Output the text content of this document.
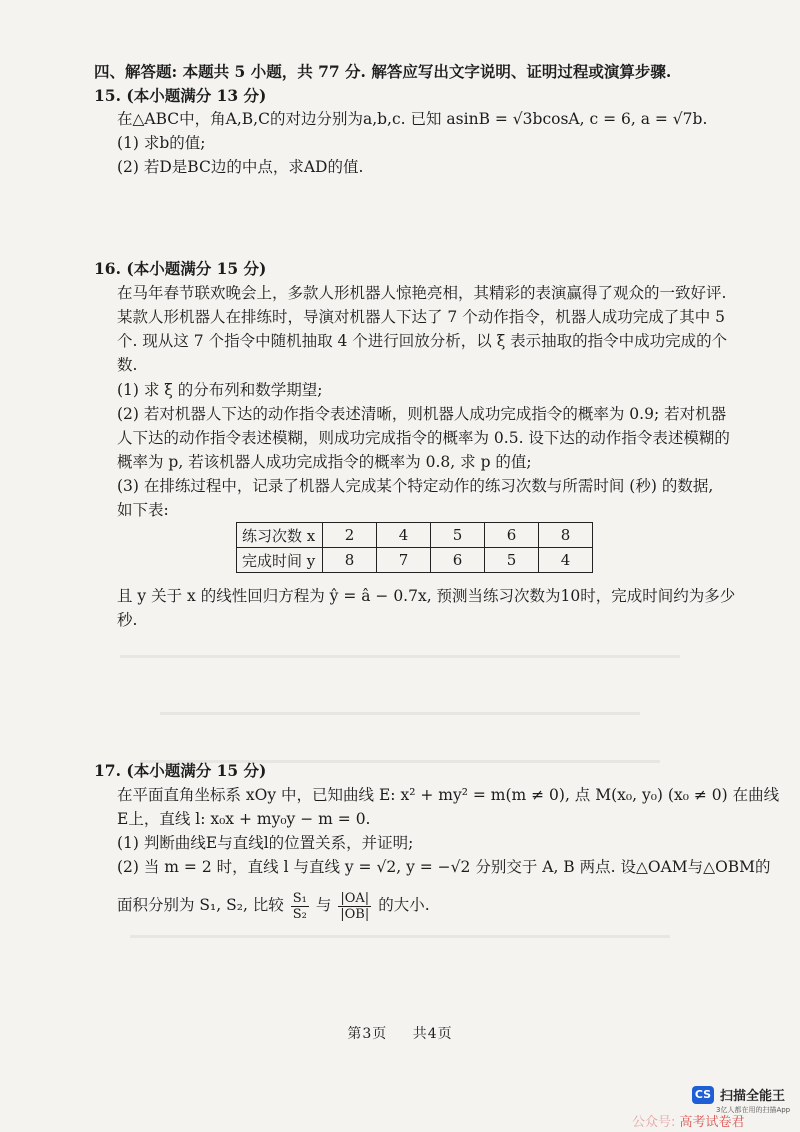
四、解答题: 本题共 5 小题，共 77 分. 解答应写出文字说明、证明过程或演算步骤.
15. (本小题满分 13 分)
在△ABC中，角A,B,C的对边分别为a,b,c. 已知 asinB = √3bcosA, c = 6, a = √7b.
(1) 求b的值;
(2) 若D是BC边的中点，求AD的值.
16. (本小题满分 15 分)
在马年春节联欢晚会上，多款人形机器人惊艳亮相，其精彩的表演赢得了观众的一致好评.
某款人形机器人在排练时，导演对机器人下达了 7 个动作指令，机器人成功完成了其中 5
个. 现从这 7 个指令中随机抽取 4 个进行回放分析，以 ξ 表示抽取的指令中成功完成的个
数.
(1) 求 ξ 的分布列和数学期望;
(2) 若对机器人下达的动作指令表述清晰，则机器人成功完成指令的概率为 0.9; 若对机器
人下达的动作指令表述模糊，则成功完成指令的概率为 0.5. 设下达的动作指令表述模糊的
概率为 p, 若该机器人成功完成指令的概率为 0.8, 求 p 的值;
(3) 在排练过程中，记录了机器人完成某个特定动作的练习次数与所需时间 (秒) 的数据,
如下表:
练习次数 x	2	4	5	6	8
完成时间 y	8	7	6	5	4
且 y 关于 x 的线性回归方程为 ŷ = â − 0.7x, 预测当练习次数为10时，完成时间约为多少
秒.
17. (本小题满分 15 分)
在平面直角坐标系 xOy 中，已知曲线 E: x² + my² = m(m ≠ 0), 点 M(x₀, y₀) (x₀ ≠ 0) 在曲线
E上，直线 l: x₀x + my₀y − m = 0.
(1) 判断曲线E与直线l的位置关系，并证明;
(2) 当 m = 2 时，直线 l 与直线 y = √2, y = −√2 分别交于 A, B 两点. 设△OAM与△OBM的
面积分别为 S₁, S₂, 比较 $\frac{\text{S₁}}{\text{S₂}}$ 与 $\frac{|OA|}{|OB|}$ 的大小.
第3页 共4页
CS 扫描全能王
3亿人都在用的扫描App
公众号: 高考试卷君
